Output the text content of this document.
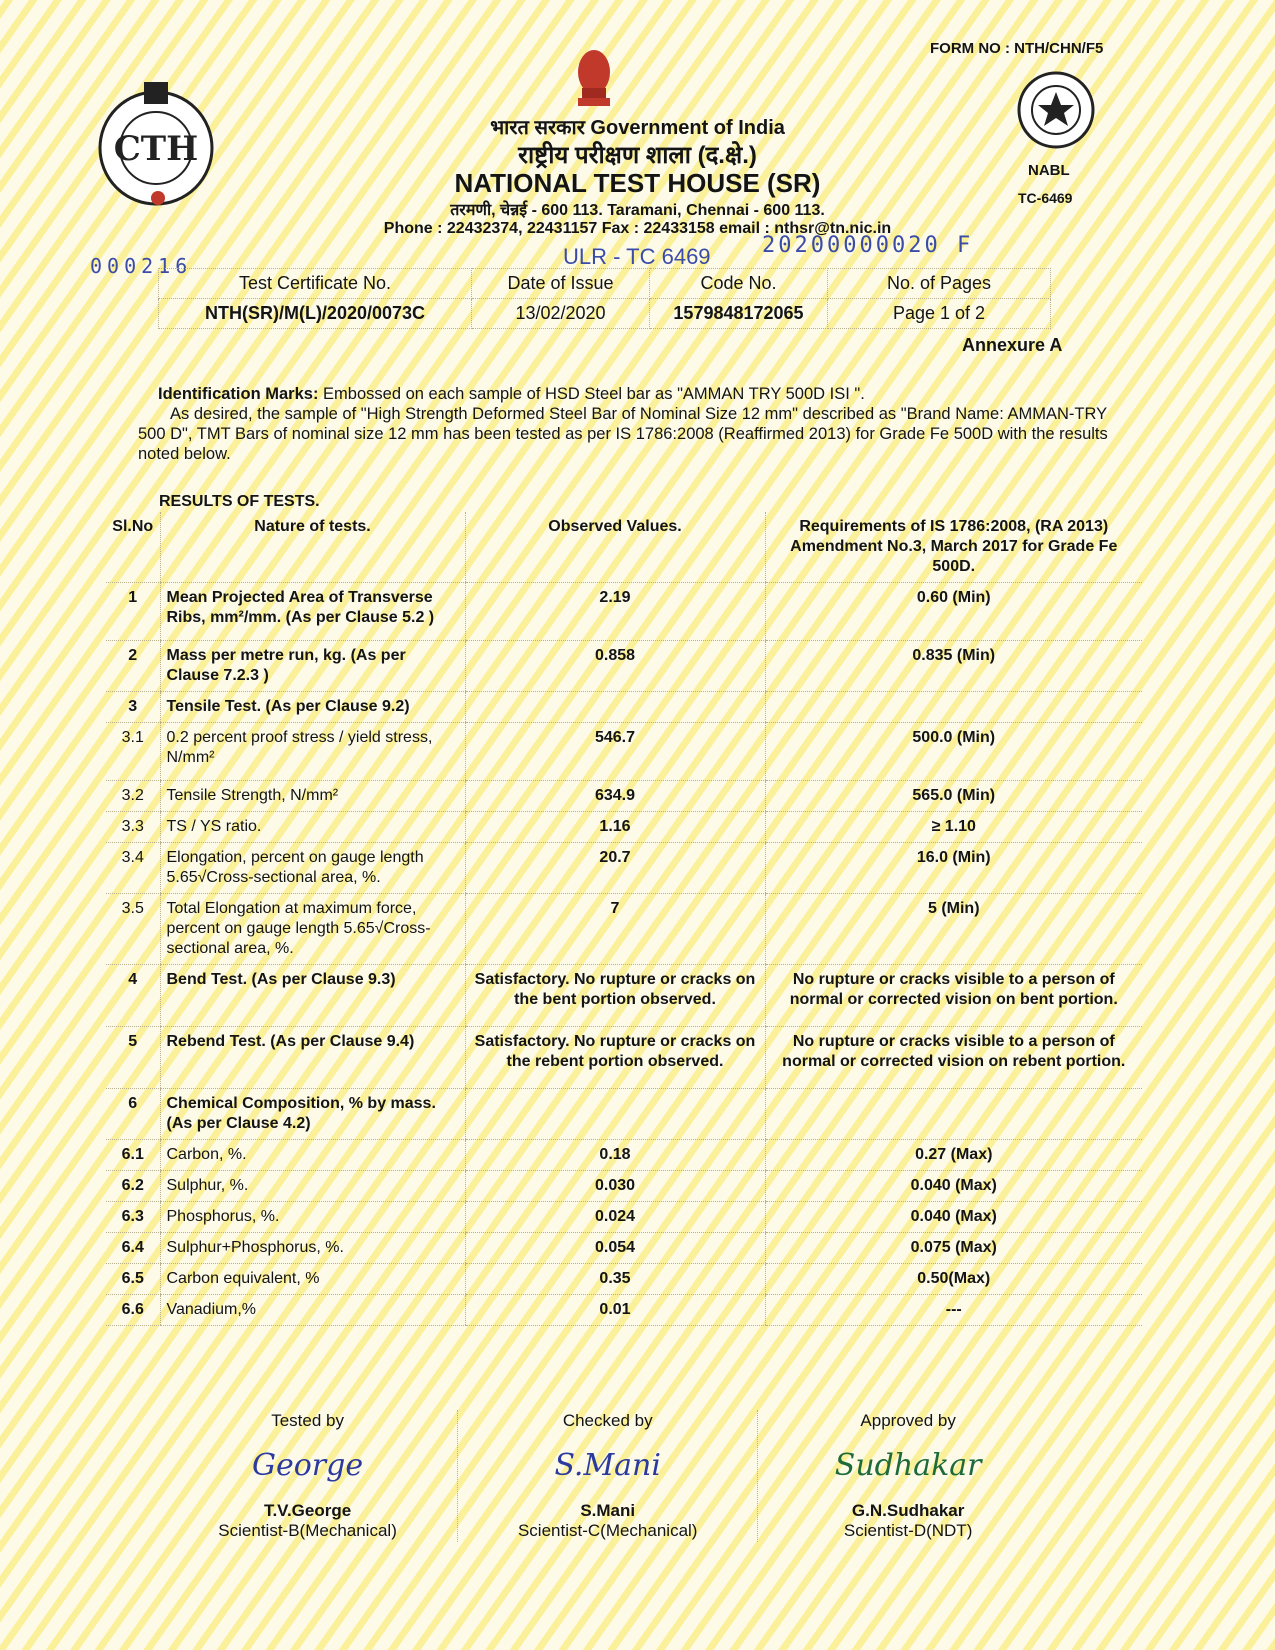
CTH
NABL
TC-6469
FORM NO : NTH/CHN/F5
भारत सरकार Government of India
राष्ट्रीय परीक्षण शाला (द.क्षे.)
NATIONAL TEST HOUSE (SR)
तरमणी, चेन्नई - 600 113. Taramani, Chennai - 600 113.
Phone : 22432374, 22431157 Fax : 22433158 email : nthsr@tn.nic.in
000216	ULR - TC 6469 20200000020 F
Test Certificate No.	Date of Issue	Code No.	No. of Pages
NTH(SR)/M(L)/2020/0073C	13/02/2020	1579848172065	Page 1 of 2
Annexure A
Identification Marks: Embossed on each sample of HSD Steel bar as "AMMAN TRY 500D ISI ".
As desired, the sample of "High Strength Deformed Steel Bar of Nominal Size 12 mm" described as "Brand Name: AMMAN-TRY 500 D", TMT Bars of nominal size 12 mm has been tested as per IS 1786:2008 (Reaffirmed 2013) for Grade Fe 500D with the results noted below.
RESULTS OF TESTS.
Sl.No	Nature of tests.	Observed Values.	Requirements of IS 1786:2008, (RA 2013) Amendment No.3, March 2017 for Grade Fe 500D.
1	Mean Projected Area of Transverse Ribs, mm²/mm. (As per Clause 5.2 )	2.19	0.60 (Min)
2	Mass per metre run, kg. (As per Clause 7.2.3 )	0.858	0.835 (Min)
3	Tensile Test. (As per Clause 9.2)		
3.1	0.2 percent proof stress / yield stress, N/mm²	546.7	500.0 (Min)
3.2	Tensile Strength, N/mm²	634.9	565.0 (Min)
3.3	TS / YS ratio.	1.16	≥ 1.10
3.4	Elongation, percent on gauge length 5.65√Cross-sectional area, %.	20.7	16.0 (Min)
3.5	Total Elongation at maximum force, percent on gauge length 5.65√Cross-sectional area, %.	7	5 (Min)
4	Bend Test. (As per Clause 9.3)	Satisfactory. No rupture or cracks on the bent portion observed.	No rupture or cracks visible to a person of normal or corrected vision on bent portion.
5	Rebend Test. (As per Clause 9.4)	Satisfactory. No rupture or cracks on the rebent portion observed.	No rupture or cracks visible to a person of normal or corrected vision on rebent portion.
6	Chemical Composition, % by mass.(As per Clause 4.2)		
6.1	Carbon, %.	0.18	0.27 (Max)
6.2	Sulphur, %.	0.030	0.040 (Max)
6.3	Phosphorus, %.	0.024	0.040 (Max)
6.4	Sulphur+Phosphorus, %.	0.054	0.075 (Max)
6.5	Carbon equivalent, %	0.35	0.50(Max)
6.6	Vanadium,%	0.01	---
Tested by
George
T.V.George
Scientist-B(Mechanical)

Checked by
S.Mani
S.Mani
Scientist-C(Mechanical)

Approved by
Sudhakar
G.N.Sudhakar
Scientist-D(NDT)
